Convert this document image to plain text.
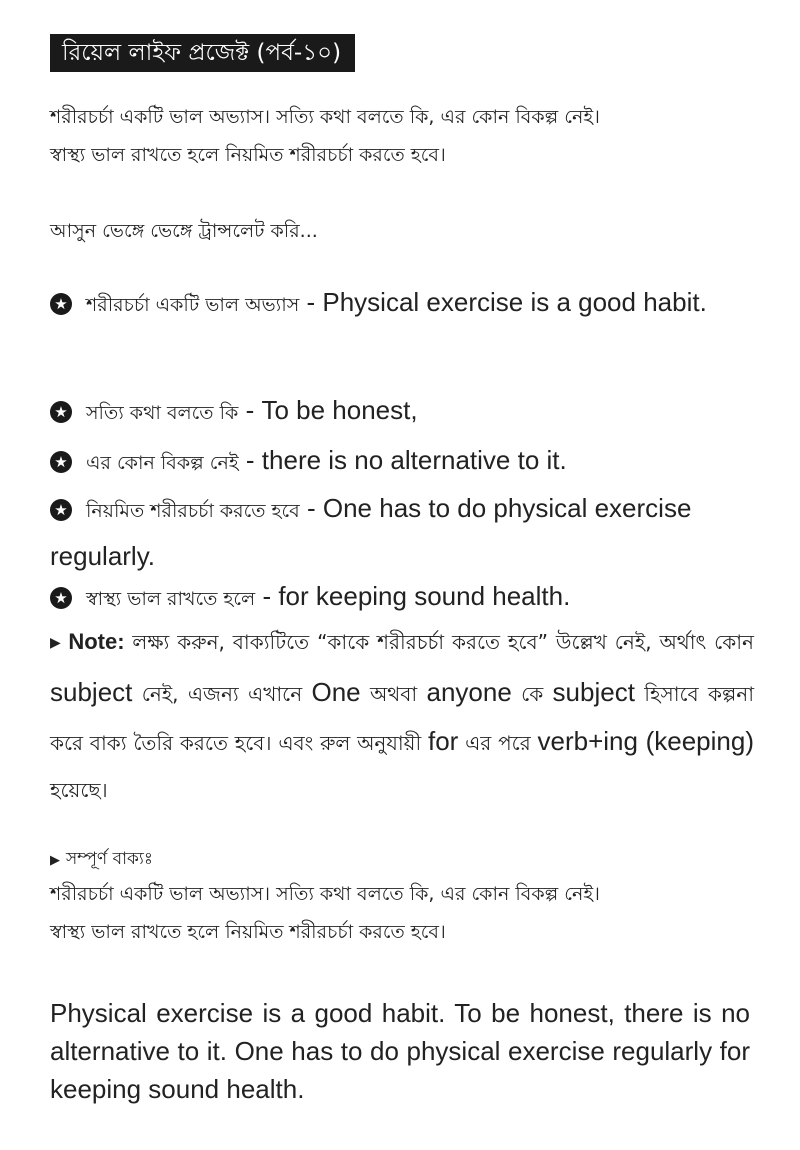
রিয়েল লাইফ প্রজেক্ট (পর্ব-১০)
শরীরচর্চা একটি ভাল অভ্যাস। সত্যি কথা বলতে কি, এর কোন বিকল্প নেই।
স্বাস্থ্য ভাল রাখতে হলে নিয়মিত শরীরচর্চা করতে হবে।
আসুন ভেঙ্গে ভেঙ্গে ট্রান্সলেট করি...
★ শরীরচর্চা একটি ভাল অভ্যাস - Physical exercise is a good habit.
★ সত্যি কথা বলতে কি - To be honest,
★ এর কোন বিকল্প নেই - there is no alternative to it.
★ নিয়মিত শরীরচর্চা করতে হবে - One has to do physical exercise regularly.
★ স্বাস্থ্য ভাল রাখতে হলে - for keeping sound health.
▶ Note: লক্ষ্য করুন, বাক্যটিতে “কাকে শরীরচর্চা করতে হবে” উল্লেখ নেই, অর্থাৎ কোন subject নেই, এজন্য এখানে One অথবা anyone কে subject হিসাবে কল্পনা করে বাক্য তৈরি করতে হবে। এবং রুল অনুযায়ী for এর পরে verb+ing (keeping) হয়েছে।
▶ সম্পূর্ণ বাক্যঃ
শরীরচর্চা একটি ভাল অভ্যাস। সত্যি কথা বলতে কি, এর কোন বিকল্প নেই।
স্বাস্থ্য ভাল রাখতে হলে নিয়মিত শরীরচর্চা করতে হবে।
Physical exercise is a good habit. To be honest, there is no alternative to it. One has to do physical exercise regularly for keeping sound health.
